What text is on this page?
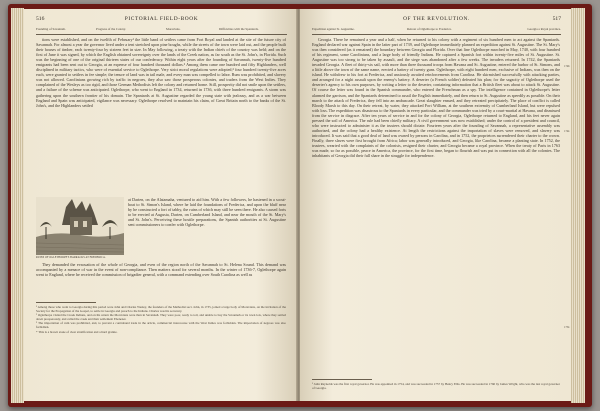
516	PICTORIAL FIELD-BOOK
Founding of Savannah.	Progress of the Colony.	Moravians.	Difficulties with the Spaniards.

tions were established, and on the twelfth of February¹ the little band of settlers came from Fort Royal and landed at the site of the future city of Savannah. For almost a year the governor lived under a tent stretched upon pine boughs, while the streets of the town were laid out, and the people built their houses of timber, each twenty-four by sixteen feet in size. In May following, a treaty with the Indian chiefs of the country was held; and on the first of June it was signed, by which the English obtained sovereignty over the lands of the Creek nation, as far south as the St. John's, in Florida. Such was the beginning of one of the original thirteen states of our confederacy. Within eight years after the founding of Savannah, twenty-five hundred emigrants had been sent out to Georgia, at an expense of four hundred thousand dollars.² Among them came one hundred and fifty Highlanders, well disciplined in military tactics, who were of essential service to Oglethorpe. Very strict moral regulations were adopted;³ four hundred twenty-five acres each, were granted to settlers in fee simple; the tenure of land was in tail male, and every man was compelled to labor. Rum was prohibited, and slavery was not allowed. Carolinians growing rich by traffic in negroes, they also saw those prosperous colonies, and traders from the West Indies. They complained of the Wesleys as too rigid, and those German Methodists left the colony and returned home. Still, prosperity did not smile upon the settlers, and a failure of the scheme was anticipated. Oglethorpe, who went to England in 1734, returned in 1736, with three hundred emigrants. A storm was gathering upon the southern frontier of his domain. The Spaniards at St. Augustine regarded the young state with jealousy, and as a war between England and Spain was anticipated, vigilance was necessary. Oglethorpe resolved to maintain his claim, of Great Britain north to the banks of the St. John's, and the Highlanders settled

RUINS OF OGLETHORPE'S BARRACKS AT FREDERICA.

at Darien, on the Alatamaha, ventured to aid him. With a few followers, he hastened in a scout-boat to St. Simon's Island, where he laid the foundations of Frederica, and upon the bluff near by he constructed a fort of tabby, the ruins of which may still be seen there. He also caused forts to be erected at Augusta, Darien, on Cumberland Island, and near the mouth of the St. Mary's and St. John's. Perceiving these hostile preparations, the Spanish authorities at St. Augustine sent commissioners to confer with Oglethorpe.

They demanded the evacuation of the whole of Georgia, and even of the region north of the Savannah to St. Helena Sound. This demand was accompanied by a menace of war in the event of non-compliance. Then matters stood for several months. In the winter of 1736-7, Oglethorpe again went to England, where he received the commission of brigadier general, with a command extending over South Carolina as well as

¹ Among those who went to Georgia during this period were John and Charles Wesley, the founders of the Methodist sect. John, in 1735, joined a large body of Moravians, on the invitation of the Society for the Propagation of the Gospel, to settle in Georgia and preach to the Indians. Charles was his secretary.

² Oglethorpe visited the Creek Indians, and on his return the Moravians were then in Savannah. They were poor, ready to toil, and unable to buy the Savannah or its town lots, where they settled down prosperously, and called the creek and their settlement Ebenezer.

³ The importation of rum was prohibited, and, to prevent a contraband trade in the article, commercial intercourse with the West Indies was forbidden. The importation of negroes was also forbidden.

* This is a brown stone of clear stratification and a hard granite.

OF THE REVOLUTION.	517
Expedition against St. Augustine.	Retreat of Oglethorpe to Frederica.	Georgia a Royal province.

Georgia. There he remained a year and a half, when he returned to his colony with a regiment of six hundred men to act against the Spaniards. England declared war against Spain in the latter part of 1739, and Oglethorpe immediately planned an expedition against St. Augustine. The St. Mary's was then considered (as it remained) the boundary between Georgia and Florida. Over that line Oglethorpe marched in May, 1740, with four hundred of his regiment, some Carolinians, and a large body of friendly Indians. He captured a Spanish fort within twenty-five miles of St. Augustine. St. Augustine was too strong to be taken by assault, and the siege was abandoned after a few weeks. The invaders returned. In 1742, the Spaniards invaded Georgia. A fleet of thirty-six sail, with more than three thousand troops from Havana and St. Augustine, entered the harbor of St. Simons, and a little above the town of the same name, erected a battery of twenty guns. Oglethorpe, with eight hundred men, exclusive of Indians, was then on the island. He withdrew to his fort at Frederica, and anxiously awaited reinforcements from Carolina. He skirmished successfully with attacking parties, and arranged for a night assault upon the enemy's battery. A deserter (a French soldier) defeated his plan; for the sagacity of Oglethorpe used the deserter's agency to his own purposes, by writing a letter to the deserter, containing information that a British fleet was about to attack St. Augustine. Of course the letter was found in the Spanish commander, who entered the Frenchman as a spy. The intelligence contained in Oglethorpe's letter alarmed the garrison, and the Spaniards determined to assail the English immediately, and then return to St. Augustine as speedily as possible. On their march to the attack of Frederica, they fell into an ambuscade. Great slaughter ensued, and they retreated precipitately. The place of conflict is called Bloody Marsh to this day. On their retreat, by water, they attacked Fort William, at the southern extremity of Cumberland Island, but were repulsed with loss. The expedition was disastrous to the Spaniards in every particular, and the commander was tried by a court-martial at Havana, and dismissed from the service in disgrace. After ten years of service in and for the colony of Georgia, Oglethorpe returned to England, and his feet never again pressed the soil of America. The rule had been chiefly military. A civil government was now established; under the control of a president and council, who were instructed to administer it as the trustees should dictate. Fourteen years after the founding of Savannah, a representative assembly was authorized, and the colony had a healthy existence. At length the restrictions against the importation of slaves were removed, and slavery was introduced. It was said that a good deal of land was owned by persons in Carolina, and in 1752, the proprietors surrendered their charter to the crown. Finally, three slaves were first brought from Africa; labor was generally introduced, and Georgia, like Carolina, became a planting state. In 1752, the trustees, wearied with the complaints of the colonists, resigned their charter, and Georgia became a royal province. When the treaty of Paris in 1763 was made, so far as possible, peace in America, the province, for the first time, began to flourish and was put in connection with all the colonies. The inhabitants of Georgia did their full share in the struggle for independence.

1740.
1742.
1752.

¹ John Reynolds was the first royal governor. He was appointed in 1754, and was succeeded in 1757 by Henry Ellis. He was succeeded in 1760 by James Wright, who was the last royal governor of Georgia.
